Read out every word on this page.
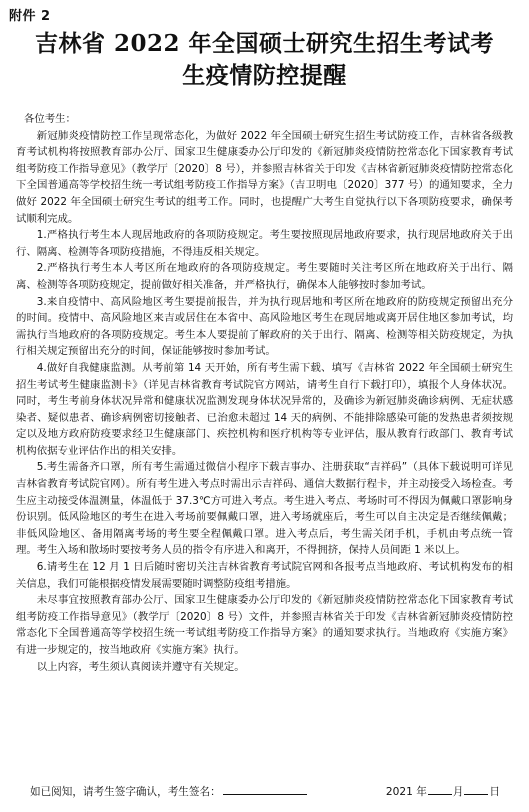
附件 2
吉林省 2022 年全国硕士研究生招生考试考
生疫情防控提醒

各位考生：

新冠肺炎疫情防控工作呈现常态化，为做好 2022 年全国硕士研究生招生考试防疫工作，吉林省各级教育考试机构将按照教育部办公厅、国家卫生健康委办公厅印发的《新冠肺炎疫情防控常态化下国家教育考试组考防疫工作指导意见》（教学厅〔2020〕8 号），并参照吉林省关于印发《吉林省新冠肺炎疫情防控常态化下全国普通高等学校招生统一考试组考防疫工作指导方案》（吉卫明电〔2020〕377 号）的通知要求，全力做好 2022 年全国硕士研究生考试的组考工作。同时，也提醒广大考生自觉执行以下各项防疫要求，确保考试顺利完成。

1.严格执行考生本人现居地政府的各项防疫规定。考生要按照现居地政府要求，执行现居地政府关于出行、隔离、检测等各项防疫措施，不得违反相关规定。

2.严格执行考生本人考区所在地政府的各项防疫规定。考生要随时关注考区所在地政府关于出行、隔离、检测等各项防疫规定，提前做好相关准备，并严格执行，确保本人能够按时参加考试。

3.来自疫情中、高风险地区考生要提前报告，并为执行现居地和考区所在地政府的防疫规定预留出充分的时间。疫情中、高风险地区来吉或居住在本省中、高风险地区考生在现居地或离开居住地区参加考试，均需执行当地政府的各项防疫规定。考生本人要提前了解政府的关于出行、隔离、检测等相关防疫规定，为执行相关规定预留出充分的时间，保证能够按时参加考试。

4.做好自我健康监测。从考前第 14 天开始，所有考生需下载、填写《吉林省 2022 年全国硕士研究生招生考试考生健康监测卡》（详见吉林省教育考试院官方网站，请考生自行下载打印），填报个人身体状况。同时，考生考前身体状况异常和健康状况监测发现身体状况异常的，及确诊为新冠肺炎确诊病例、无症状感染者、疑似患者、确诊病例密切接触者、已治愈未超过 14 天的病例、不能排除感染可能的发热患者须按规定以及地方政府防疫要求经卫生健康部门、疾控机构和医疗机构等专业评估，服从教育行政部门、教育考试机构依据专业评估作出的相关安排。

5.考生需备齐口罩，所有考生需通过微信小程序下载吉事办、注册获取“吉祥码”（具体下载说明可详见吉林省教育考试院官网）。所有考生进入考点时需出示吉祥码、通信大数据行程卡，并主动接受入场检查。考生应主动接受体温测量，体温低于 37.3℃方可进入考点。考生进入考点、考场时可不得因为佩戴口罩影响身份识别。低风险地区的考生在进入考场前要佩戴口罩，进入考场就座后，考生可以自主决定是否继续佩戴；非低风险地区、备用隔离考场的考生要全程佩戴口罩。进入考点后，考生需关闭手机，手机由考点统一管理。考生入场和散场时要按考务人员的指令有序进入和离开，不得拥挤，保持人员间距 1 米以上。

6.请考生在 12 月 1 日后随时密切关注吉林省教育考试院官网和各报考点当地政府、考试机构发布的相关信息，我们可能根据疫情发展需要随时调整防疫组考措施。

未尽事宜按照教育部办公厅、国家卫生健康委办公厅印发的《新冠肺炎疫情防控常态化下国家教育考试组考防疫工作指导意见》（教学厅〔2020〕8 号）文件，并参照吉林省关于印发《吉林省新冠肺炎疫情防控常态化下全国普通高等学校招生统一考试组考防疫工作指导方案》的通知要求执行。当地政府《实施方案》有进一步规定的，按当地政府《实施方案》执行。

以上内容，考生须认真阅读并遵守有关规定。

如已阅知，请考生签字确认，考生签名：	2021 年 月 日
